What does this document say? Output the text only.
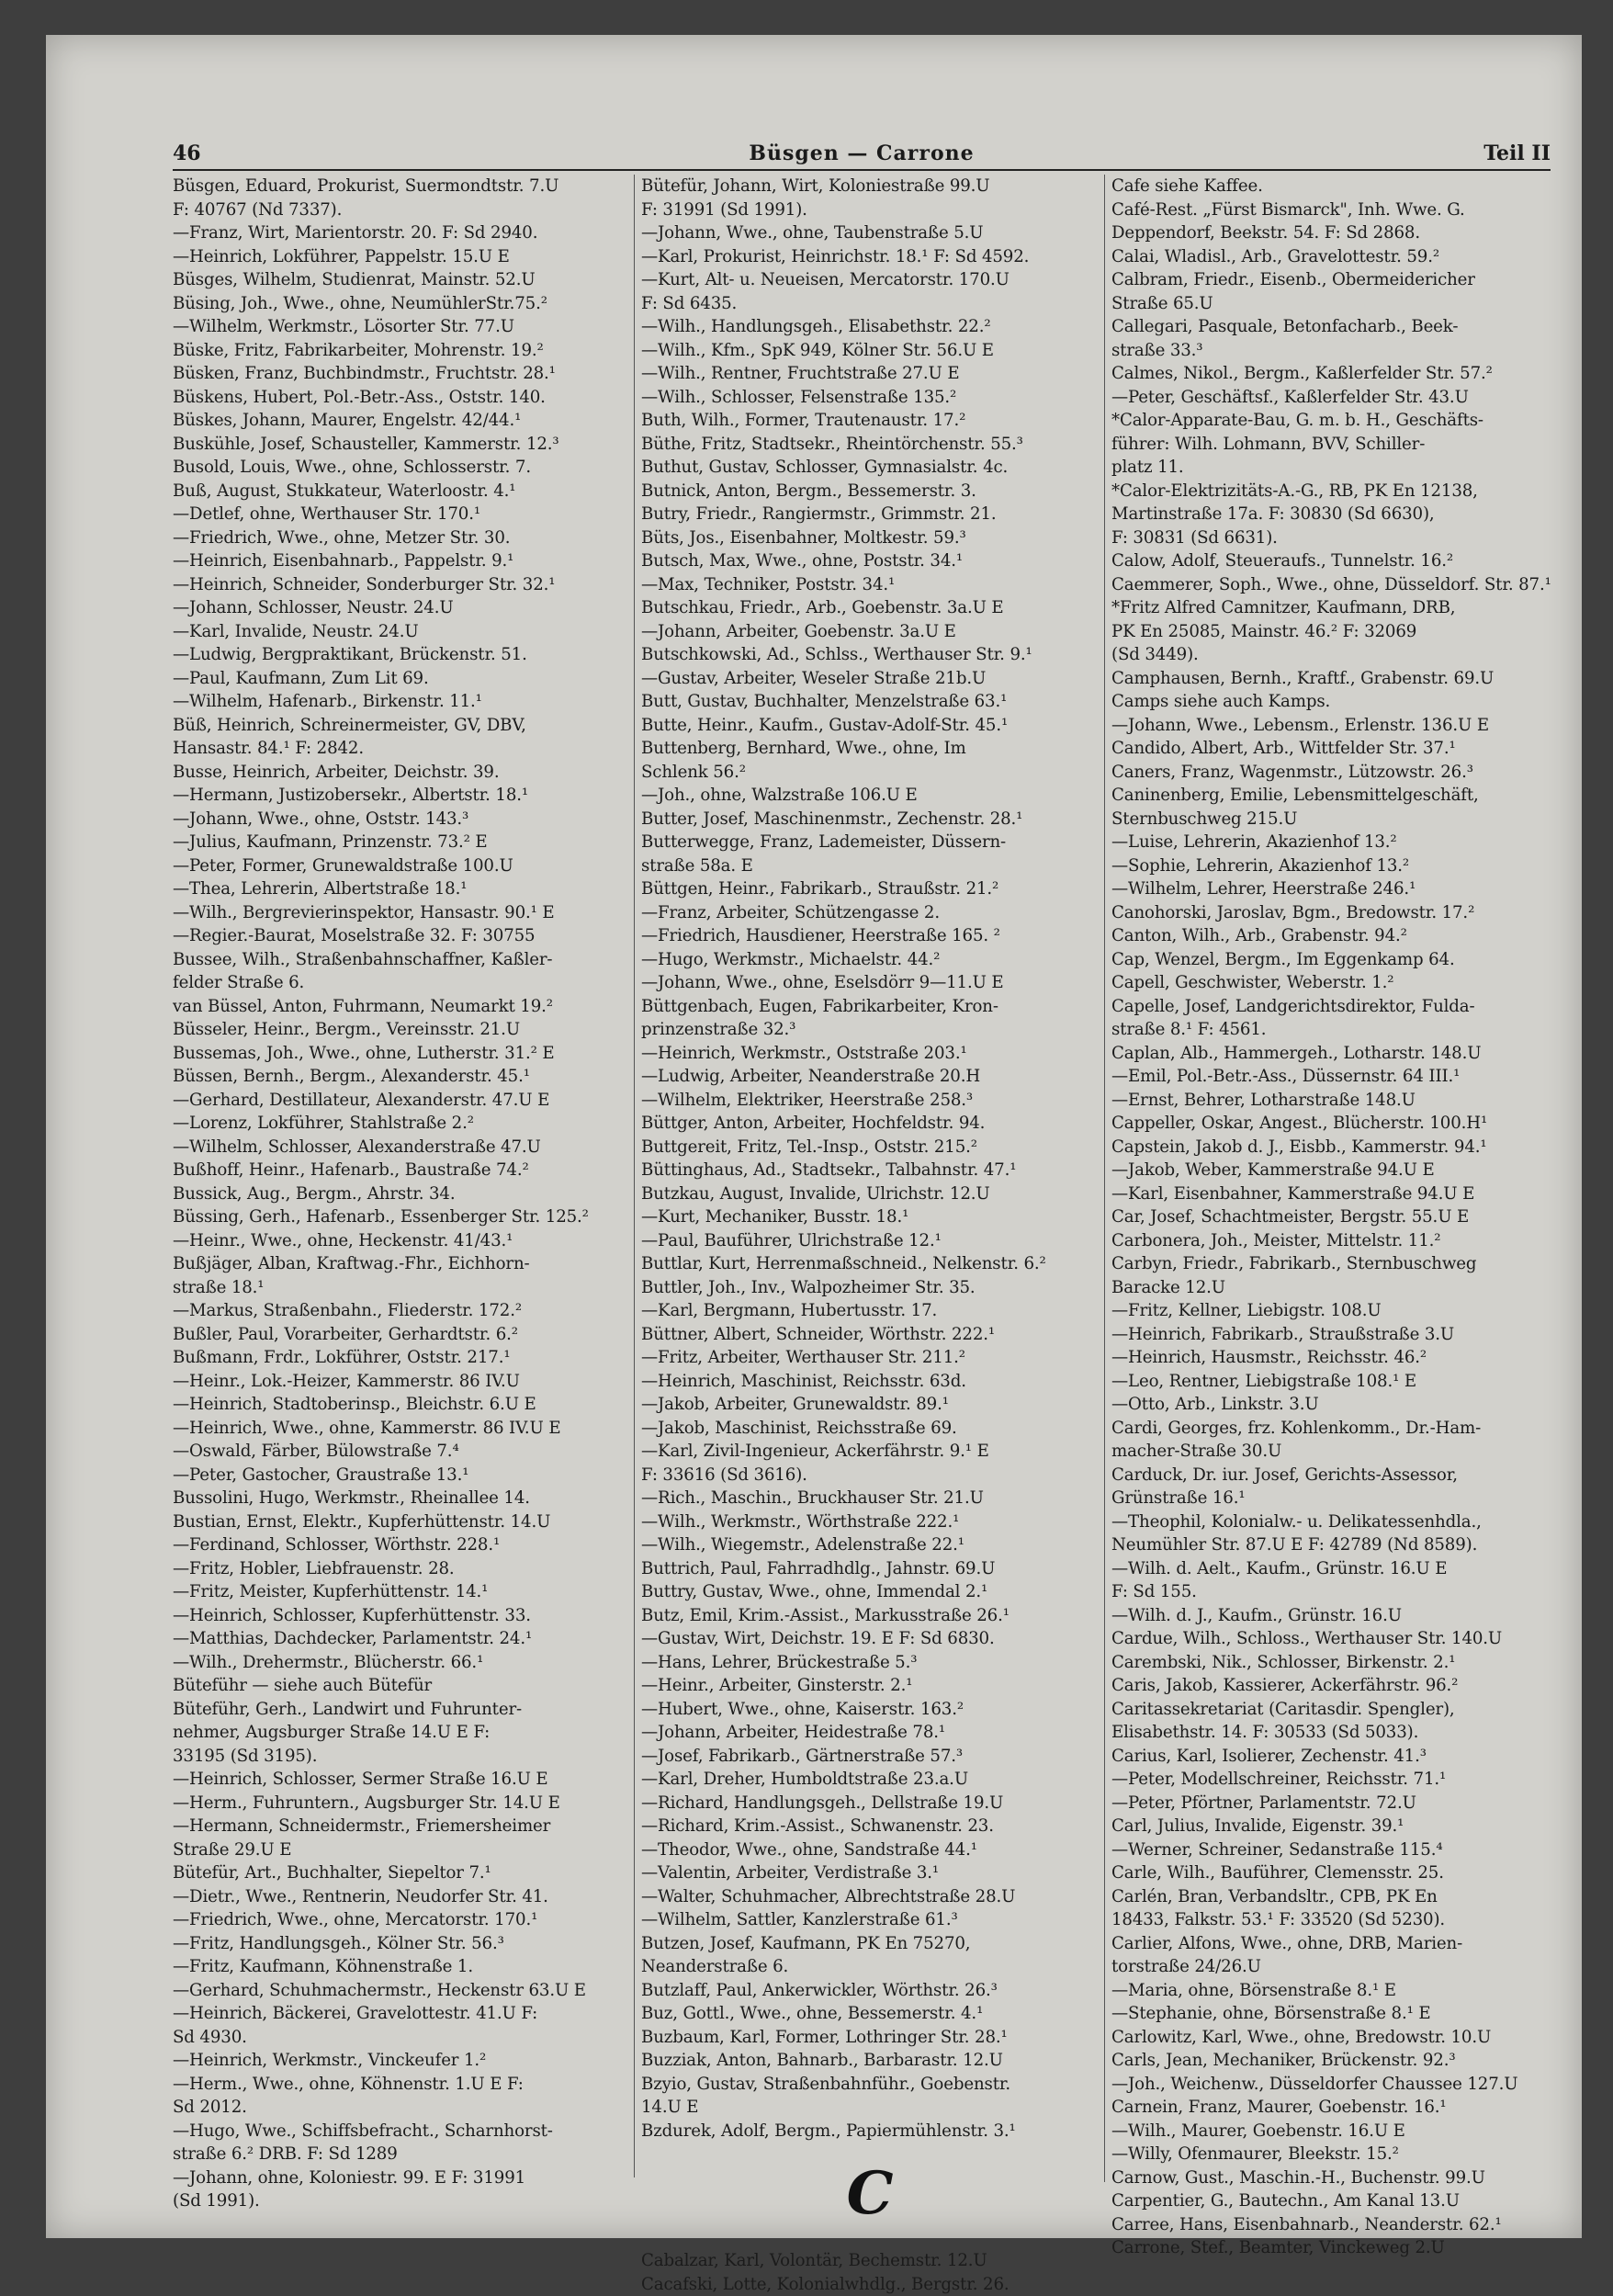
46	Büsgen — Carrone	Teil II
Büsgen, Eduard, Prokurist, Suermondtstr. 7.U
F: 40767 (Nd 7337).
—Franz, Wirt, Marientorstr. 20. F: Sd 2940.
—Heinrich, Lokführer, Pappelstr. 15.U E
Büsges, Wilhelm, Studienrat, Mainstr. 52.U
Büsing, Joh., Wwe., ohne, NeumühlerStr.75.²
—Wilhelm, Werkmstr., Lösorter Str. 77.U
Büske, Fritz, Fabrikarbeiter, Mohrenstr. 19.²
Büsken, Franz, Buchbindmstr., Fruchtstr. 28.¹
Büskens, Hubert, Pol.-Betr.-Ass., Oststr. 140.
Büskes, Johann, Maurer, Engelstr. 42/44.¹
Buskühle, Josef, Schausteller, Kammerstr. 12.³
Busold, Louis, Wwe., ohne, Schlosserstr. 7.
Buß, August, Stukkateur, Waterloostr. 4.¹
—Detlef, ohne, Werthauser Str. 170.¹
—Friedrich, Wwe., ohne, Metzer Str. 30.
—Heinrich, Eisenbahnarb., Pappelstr. 9.¹
—Heinrich, Schneider, Sonderburger Str. 32.¹
—Johann, Schlosser, Neustr. 24.U
—Karl, Invalide, Neustr. 24.U
—Ludwig, Bergpraktikant, Brückenstr. 51.
—Paul, Kaufmann, Zum Lit 69.
—Wilhelm, Hafenarb., Birkenstr. 11.¹
Büß, Heinrich, Schreinermeister, GV, DBV,
Hansastr. 84.¹ F: 2842.
Busse, Heinrich, Arbeiter, Deichstr. 39.
—Hermann, Justizobersekr., Albertstr. 18.¹
—Johann, Wwe., ohne, Oststr. 143.³
—Julius, Kaufmann, Prinzenstr. 73.² E
—Peter, Former, Grunewaldstraße 100.U
—Thea, Lehrerin, Albertstraße 18.¹
—Wilh., Bergrevierinspektor, Hansastr. 90.¹ E
—Regier.-Baurat, Moselstraße 32. F: 30755
Bussee, Wilh., Straßenbahnschaffner, Kaßler-
felder Straße 6.
van Büssel, Anton, Fuhrmann, Neumarkt 19.²
Büsseler, Heinr., Bergm., Vereinsstr. 21.U
Bussemas, Joh., Wwe., ohne, Lutherstr. 31.² E
Büssen, Bernh., Bergm., Alexanderstr. 45.¹
—Gerhard, Destillateur, Alexanderstr. 47.U E
—Lorenz, Lokführer, Stahlstraße 2.²
—Wilhelm, Schlosser, Alexanderstraße 47.U
Bußhoff, Heinr., Hafenarb., Baustraße 74.²
Bussick, Aug., Bergm., Ahrstr. 34.
Büssing, Gerh., Hafenarb., Essenberger Str. 125.²
—Heinr., Wwe., ohne, Heckenstr. 41/43.¹
Bußjäger, Alban, Kraftwag.-Fhr., Eichhorn-
straße 18.¹
—Markus, Straßenbahn., Fliederstr. 172.²
Bußler, Paul, Vorarbeiter, Gerhardtstr. 6.²
Bußmann, Frdr., Lokführer, Oststr. 217.¹
—Heinr., Lok.-Heizer, Kammerstr. 86 IV.U
—Heinrich, Stadtoberinsp., Bleichstr. 6.U E
—Heinrich, Wwe., ohne, Kammerstr. 86 IV.U E
—Oswald, Färber, Bülowstraße 7.⁴
—Peter, Gastocher, Graustraße 13.¹
Bussolini, Hugo, Werkmstr., Rheinallee 14.
Bustian, Ernst, Elektr., Kupferhüttenstr. 14.U
—Ferdinand, Schlosser, Wörthstr. 228.¹
—Fritz, Hobler, Liebfrauenstr. 28.
—Fritz, Meister, Kupferhüttenstr. 14.¹
—Heinrich, Schlosser, Kupferhüttenstr. 33.
—Matthias, Dachdecker, Parlamentstr. 24.¹
—Wilh., Drehermstr., Blücherstr. 66.¹
Büteführ — siehe auch Bütefür
Büteführ, Gerh., Landwirt und Fuhrunter-
nehmer, Augsburger Straße 14.U E F:
33195 (Sd 3195).
—Heinrich, Schlosser, Sermer Straße 16.U E
—Herm., Fuhruntern., Augsburger Str. 14.U E
—Hermann, Schneidermstr., Friemersheimer
Straße 29.U E
Bütefür, Art., Buchhalter, Siepeltor 7.¹
—Dietr., Wwe., Rentnerin, Neudorfer Str. 41.
—Friedrich, Wwe., ohne, Mercatorstr. 170.¹
—Fritz, Handlungsgeh., Kölner Str. 56.³
—Fritz, Kaufmann, Köhnenstraße 1.
—Gerhard, Schuhmachermstr., Heckenstr 63.U E
—Heinrich, Bäckerei, Gravelottestr. 41.U F:
Sd 4930.
—Heinrich, Werkmstr., Vinckeufer 1.²
—Herm., Wwe., ohne, Köhnenstr. 1.U E F:
Sd 2012.
—Hugo, Wwe., Schiffsbefracht., Scharnhorst-
straße 6.² DRB. F: Sd 1289
—Johann, ohne, Koloniestr. 99. E F: 31991
(Sd 1991).
Bütefür, Johann, Wirt, Koloniestraße 99.U
F: 31991 (Sd 1991).
—Johann, Wwe., ohne, Taubenstraße 5.U
—Karl, Prokurist, Heinrichstr. 18.¹ F: Sd 4592.
—Kurt, Alt- u. Neueisen, Mercatorstr. 170.U
F: Sd 6435.
—Wilh., Handlungsgeh., Elisabethstr. 22.²
—Wilh., Kfm., SpK 949, Kölner Str. 56.U E
—Wilh., Rentner, Fruchtstraße 27.U E
—Wilh., Schlosser, Felsenstraße 135.²
Buth, Wilh., Former, Trautenaustr. 17.²
Büthe, Fritz, Stadtsekr., Rheintörchenstr. 55.³
Buthut, Gustav, Schlosser, Gymnasialstr. 4c.
Butnick, Anton, Bergm., Bessemerstr. 3.
Butry, Friedr., Rangiermstr., Grimmstr. 21.
Büts, Jos., Eisenbahner, Moltkestr. 59.³
Butsch, Max, Wwe., ohne, Poststr. 34.¹
—Max, Techniker, Poststr. 34.¹
Butschkau, Friedr., Arb., Goebenstr. 3a.U E
—Johann, Arbeiter, Goebenstr. 3a.U E
Butschkowski, Ad., Schlss., Werthauser Str. 9.¹
—Gustav, Arbeiter, Weseler Straße 21b.U
Butt, Gustav, Buchhalter, Menzelstraße 63.¹
Butte, Heinr., Kaufm., Gustav-Adolf-Str. 45.¹
Buttenberg, Bernhard, Wwe., ohne, Im
Schlenk 56.²
—Joh., ohne, Walzstraße 106.U E
Butter, Josef, Maschinenmstr., Zechenstr. 28.¹
Butterwegge, Franz, Lademeister, Düssern-
straße 58a. E
Büttgen, Heinr., Fabrikarb., Straußstr. 21.²
—Franz, Arbeiter, Schützengasse 2.
—Friedrich, Hausdiener, Heerstraße 165. ²
—Hugo, Werkmstr., Michaelstr. 44.²
—Johann, Wwe., ohne, Eselsdörr 9—11.U E
Büttgenbach, Eugen, Fabrikarbeiter, Kron-
prinzenstraße 32.³
—Heinrich, Werkmstr., Oststraße 203.¹
—Ludwig, Arbeiter, Neanderstraße 20.H
—Wilhelm, Elektriker, Heerstraße 258.³
Büttger, Anton, Arbeiter, Hochfeldstr. 94.
Buttgereit, Fritz, Tel.-Insp., Oststr. 215.²
Büttinghaus, Ad., Stadtsekr., Talbahnstr. 47.¹
Butzkau, August, Invalide, Ulrichstr. 12.U
—Kurt, Mechaniker, Busstr. 18.¹
—Paul, Bauführer, Ulrichstraße 12.¹
Buttlar, Kurt, Herrenmaßschneid., Nelkenstr. 6.²
Buttler, Joh., Inv., Walpozheimer Str. 35.
—Karl, Bergmann, Hubertusstr. 17.
Büttner, Albert, Schneider, Wörthstr. 222.¹
—Fritz, Arbeiter, Werthauser Str. 211.²
—Heinrich, Maschinist, Reichsstr. 63d.
—Jakob, Arbeiter, Grunewaldstr. 89.¹
—Jakob, Maschinist, Reichsstraße 69.
—Karl, Zivil-Ingenieur, Ackerfährstr. 9.¹ E
F: 33616 (Sd 3616).
—Rich., Maschin., Bruckhauser Str. 21.U
—Wilh., Werkmstr., Wörthstraße 222.¹
—Wilh., Wiegemstr., Adelenstraße 22.¹
Buttrich, Paul, Fahrradhdlg., Jahnstr. 69.U
Buttry, Gustav, Wwe., ohne, Immendal 2.¹
Butz, Emil, Krim.-Assist., Markusstraße 26.¹
—Gustav, Wirt, Deichstr. 19. E F: Sd 6830.
—Hans, Lehrer, Brückestraße 5.³
—Heinr., Arbeiter, Ginsterstr. 2.¹
—Hubert, Wwe., ohne, Kaiserstr. 163.²
—Johann, Arbeiter, Heidestraße 78.¹
—Josef, Fabrikarb., Gärtnerstraße 57.³
—Karl, Dreher, Humboldtstraße 23.a.U
—Richard, Handlungsgeh., Dellstraße 19.U
—Richard, Krim.-Assist., Schwanenstr. 23.
—Theodor, Wwe., ohne, Sandstraße 44.¹
—Valentin, Arbeiter, Verdistraße 3.¹
—Walter, Schuhmacher, Albrechtstraße 28.U
—Wilhelm, Sattler, Kanzlerstraße 61.³
Butzen, Josef, Kaufmann, PK En 75270,
Neanderstraße 6.
Butzlaff, Paul, Ankerwickler, Wörthstr. 26.³
Buz, Gottl., Wwe., ohne, Bessemerstr. 4.¹
Buzbaum, Karl, Former, Lothringer Str. 28.¹
Buzziak, Anton, Bahnarb., Barbarastr. 12.U
Bzyio, Gustav, Straßenbahnführ., Goebenstr.
14.U E
Bzdurek, Adolf, Bergm., Papiermühlenstr. 3.¹
C
Cabalzar, Karl, Volontär, Bechemstr. 12.U
Cacafski, Lotte, Kolonialwhdlg., Bergstr. 26.
Cafe siehe Kaffee.
Café-Rest. „Fürst Bismarck", Inh. Wwe. G.
Deppendorf, Beekstr. 54. F: Sd 2868.
Calai, Wladisl., Arb., Gravelottestr. 59.²
Calbram, Friedr., Eisenb., Obermeidericher
Straße 65.U
Callegari, Pasquale, Betonfacharb., Beek-
straße 33.³
Calmes, Nikol., Bergm., Kaßlerfelder Str. 57.²
—Peter, Geschäftsf., Kaßlerfelder Str. 43.U
*Calor-Apparate-Bau, G. m. b. H., Geschäfts-
führer: Wilh. Lohmann, BVV, Schiller-
platz 11.
*Calor-Elektrizitäts-A.-G., RB, PK En 12138,
Martinstraße 17a. F: 30830 (Sd 6630),
F: 30831 (Sd 6631).
Calow, Adolf, Steueraufs., Tunnelstr. 16.²
Caemmerer, Soph., Wwe., ohne, Düsseldorf. Str. 87.¹
*Fritz Alfred Camnitzer, Kaufmann, DRB,
PK En 25085, Mainstr. 46.² F: 32069
(Sd 3449).
Camphausen, Bernh., Kraftf., Grabenstr. 69.U
Camps siehe auch Kamps.
—Johann, Wwe., Lebensm., Erlenstr. 136.U E
Candido, Albert, Arb., Wittfelder Str. 37.¹
Caners, Franz, Wagenmstr., Lützowstr. 26.³
Caninenberg, Emilie, Lebensmittelgeschäft,
Sternbuschweg 215.U
—Luise, Lehrerin, Akazienhof 13.²
—Sophie, Lehrerin, Akazienhof 13.²
—Wilhelm, Lehrer, Heerstraße 246.¹
Canohorski, Jaroslav, Bgm., Bredowstr. 17.²
Canton, Wilh., Arb., Grabenstr. 94.²
Cap, Wenzel, Bergm., Im Eggenkamp 64.
Capell, Geschwister, Weberstr. 1.²
Capelle, Josef, Landgerichtsdirektor, Fulda-
straße 8.¹ F: 4561.
Caplan, Alb., Hammergeh., Lotharstr. 148.U
—Emil, Pol.-Betr.-Ass., Düssernstr. 64 III.¹
—Ernst, Behrer, Lotharstraße 148.U
Cappeller, Oskar, Angest., Blücherstr. 100.H¹
Capstein, Jakob d. J., Eisbb., Kammerstr. 94.¹
—Jakob, Weber, Kammerstraße 94.U E
—Karl, Eisenbahner, Kammerstraße 94.U E
Car, Josef, Schachtmeister, Bergstr. 55.U E
Carbonera, Joh., Meister, Mittelstr. 11.²
Carbyn, Friedr., Fabrikarb., Sternbuschweg
Baracke 12.U
—Fritz, Kellner, Liebigstr. 108.U
—Heinrich, Fabrikarb., Straußstraße 3.U
—Heinrich, Hausmstr., Reichsstr. 46.²
—Leo, Rentner, Liebigstraße 108.¹ E
—Otto, Arb., Linkstr. 3.U
Cardi, Georges, frz. Kohlenkomm., Dr.-Ham-
macher-Straße 30.U
Carduck, Dr. iur. Josef, Gerichts-Assessor,
Grünstraße 16.¹
—Theophil, Kolonialw.- u. Delikatessenhdla.,
Neumühler Str. 87.U E F: 42789 (Nd 8589).
—Wilh. d. Aelt., Kaufm., Grünstr. 16.U E
F: Sd 155.
—Wilh. d. J., Kaufm., Grünstr. 16.U
Cardue, Wilh., Schloss., Werthauser Str. 140.U
Carembski, Nik., Schlosser, Birkenstr. 2.¹
Caris, Jakob, Kassierer, Ackerfährstr. 96.²
Caritassekretariat (Caritasdir. Spengler),
Elisabethstr. 14. F: 30533 (Sd 5033).
Carius, Karl, Isolierer, Zechenstr. 41.³
—Peter, Modellschreiner, Reichsstr. 71.¹
—Peter, Pförtner, Parlamentstr. 72.U
Carl, Julius, Invalide, Eigenstr. 39.¹
—Werner, Schreiner, Sedanstraße 115.⁴
Carle, Wilh., Bauführer, Clemensstr. 25.
Carlén, Bran, Verbandsltr., CPB, PK En
18433, Falkstr. 53.¹ F: 33520 (Sd 5230).
Carlier, Alfons, Wwe., ohne, DRB, Marien-
torstraße 24/26.U
—Maria, ohne, Börsenstraße 8.¹ E
—Stephanie, ohne, Börsenstraße 8.¹ E
Carlowitz, Karl, Wwe., ohne, Bredowstr. 10.U
Carls, Jean, Mechaniker, Brückenstr. 92.³
—Joh., Weichenw., Düsseldorfer Chaussee 127.U
Carnein, Franz, Maurer, Goebenstr. 16.¹
—Wilh., Maurer, Goebenstr. 16.U E
—Willy, Ofenmaurer, Bleekstr. 15.²
Carnow, Gust., Maschin.-H., Buchenstr. 99.U
Carpentier, G., Bautechn., Am Kanal 13.U
Carree, Hans, Eisenbahnarb., Neanderstr. 62.¹
Carrone, Stef., Beamter, Vinckeweg 2.U
